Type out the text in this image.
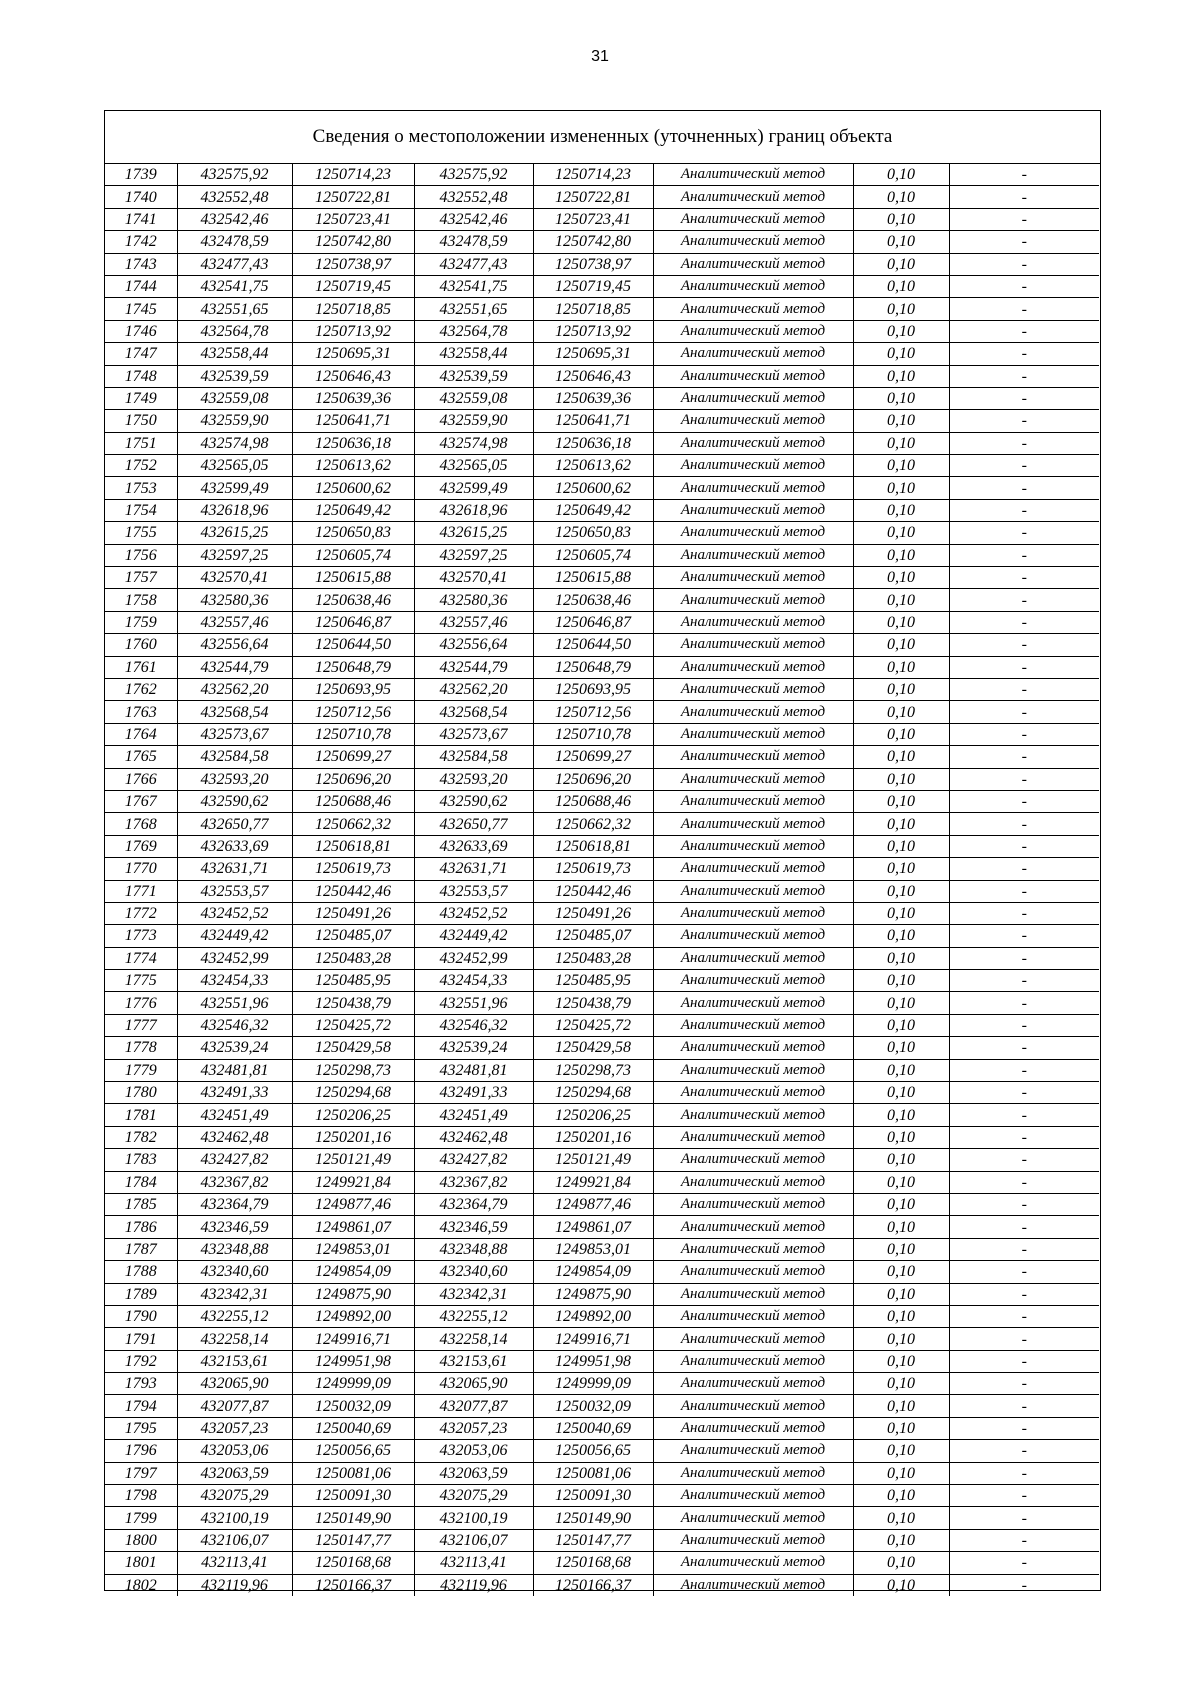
31
Сведения о местоположении измененных (уточненных) границ объекта
1739	432575,92	1250714,23	432575,92	1250714,23	Аналитический метод	0,10	-
1740	432552,48	1250722,81	432552,48	1250722,81	Аналитический метод	0,10	-
1741	432542,46	1250723,41	432542,46	1250723,41	Аналитический метод	0,10	-
1742	432478,59	1250742,80	432478,59	1250742,80	Аналитический метод	0,10	-
1743	432477,43	1250738,97	432477,43	1250738,97	Аналитический метод	0,10	-
1744	432541,75	1250719,45	432541,75	1250719,45	Аналитический метод	0,10	-
1745	432551,65	1250718,85	432551,65	1250718,85	Аналитический метод	0,10	-
1746	432564,78	1250713,92	432564,78	1250713,92	Аналитический метод	0,10	-
1747	432558,44	1250695,31	432558,44	1250695,31	Аналитический метод	0,10	-
1748	432539,59	1250646,43	432539,59	1250646,43	Аналитический метод	0,10	-
1749	432559,08	1250639,36	432559,08	1250639,36	Аналитический метод	0,10	-
1750	432559,90	1250641,71	432559,90	1250641,71	Аналитический метод	0,10	-
1751	432574,98	1250636,18	432574,98	1250636,18	Аналитический метод	0,10	-
1752	432565,05	1250613,62	432565,05	1250613,62	Аналитический метод	0,10	-
1753	432599,49	1250600,62	432599,49	1250600,62	Аналитический метод	0,10	-
1754	432618,96	1250649,42	432618,96	1250649,42	Аналитический метод	0,10	-
1755	432615,25	1250650,83	432615,25	1250650,83	Аналитический метод	0,10	-
1756	432597,25	1250605,74	432597,25	1250605,74	Аналитический метод	0,10	-
1757	432570,41	1250615,88	432570,41	1250615,88	Аналитический метод	0,10	-
1758	432580,36	1250638,46	432580,36	1250638,46	Аналитический метод	0,10	-
1759	432557,46	1250646,87	432557,46	1250646,87	Аналитический метод	0,10	-
1760	432556,64	1250644,50	432556,64	1250644,50	Аналитический метод	0,10	-
1761	432544,79	1250648,79	432544,79	1250648,79	Аналитический метод	0,10	-
1762	432562,20	1250693,95	432562,20	1250693,95	Аналитический метод	0,10	-
1763	432568,54	1250712,56	432568,54	1250712,56	Аналитический метод	0,10	-
1764	432573,67	1250710,78	432573,67	1250710,78	Аналитический метод	0,10	-
1765	432584,58	1250699,27	432584,58	1250699,27	Аналитический метод	0,10	-
1766	432593,20	1250696,20	432593,20	1250696,20	Аналитический метод	0,10	-
1767	432590,62	1250688,46	432590,62	1250688,46	Аналитический метод	0,10	-
1768	432650,77	1250662,32	432650,77	1250662,32	Аналитический метод	0,10	-
1769	432633,69	1250618,81	432633,69	1250618,81	Аналитический метод	0,10	-
1770	432631,71	1250619,73	432631,71	1250619,73	Аналитический метод	0,10	-
1771	432553,57	1250442,46	432553,57	1250442,46	Аналитический метод	0,10	-
1772	432452,52	1250491,26	432452,52	1250491,26	Аналитический метод	0,10	-
1773	432449,42	1250485,07	432449,42	1250485,07	Аналитический метод	0,10	-
1774	432452,99	1250483,28	432452,99	1250483,28	Аналитический метод	0,10	-
1775	432454,33	1250485,95	432454,33	1250485,95	Аналитический метод	0,10	-
1776	432551,96	1250438,79	432551,96	1250438,79	Аналитический метод	0,10	-
1777	432546,32	1250425,72	432546,32	1250425,72	Аналитический метод	0,10	-
1778	432539,24	1250429,58	432539,24	1250429,58	Аналитический метод	0,10	-
1779	432481,81	1250298,73	432481,81	1250298,73	Аналитический метод	0,10	-
1780	432491,33	1250294,68	432491,33	1250294,68	Аналитический метод	0,10	-
1781	432451,49	1250206,25	432451,49	1250206,25	Аналитический метод	0,10	-
1782	432462,48	1250201,16	432462,48	1250201,16	Аналитический метод	0,10	-
1783	432427,82	1250121,49	432427,82	1250121,49	Аналитический метод	0,10	-
1784	432367,82	1249921,84	432367,82	1249921,84	Аналитический метод	0,10	-
1785	432364,79	1249877,46	432364,79	1249877,46	Аналитический метод	0,10	-
1786	432346,59	1249861,07	432346,59	1249861,07	Аналитический метод	0,10	-
1787	432348,88	1249853,01	432348,88	1249853,01	Аналитический метод	0,10	-
1788	432340,60	1249854,09	432340,60	1249854,09	Аналитический метод	0,10	-
1789	432342,31	1249875,90	432342,31	1249875,90	Аналитический метод	0,10	-
1790	432255,12	1249892,00	432255,12	1249892,00	Аналитический метод	0,10	-
1791	432258,14	1249916,71	432258,14	1249916,71	Аналитический метод	0,10	-
1792	432153,61	1249951,98	432153,61	1249951,98	Аналитический метод	0,10	-
1793	432065,90	1249999,09	432065,90	1249999,09	Аналитический метод	0,10	-
1794	432077,87	1250032,09	432077,87	1250032,09	Аналитический метод	0,10	-
1795	432057,23	1250040,69	432057,23	1250040,69	Аналитический метод	0,10	-
1796	432053,06	1250056,65	432053,06	1250056,65	Аналитический метод	0,10	-
1797	432063,59	1250081,06	432063,59	1250081,06	Аналитический метод	0,10	-
1798	432075,29	1250091,30	432075,29	1250091,30	Аналитический метод	0,10	-
1799	432100,19	1250149,90	432100,19	1250149,90	Аналитический метод	0,10	-
1800	432106,07	1250147,77	432106,07	1250147,77	Аналитический метод	0,10	-
1801	432113,41	1250168,68	432113,41	1250168,68	Аналитический метод	0,10	-
1802	432119,96	1250166,37	432119,96	1250166,37	Аналитический метод	0,10	-
